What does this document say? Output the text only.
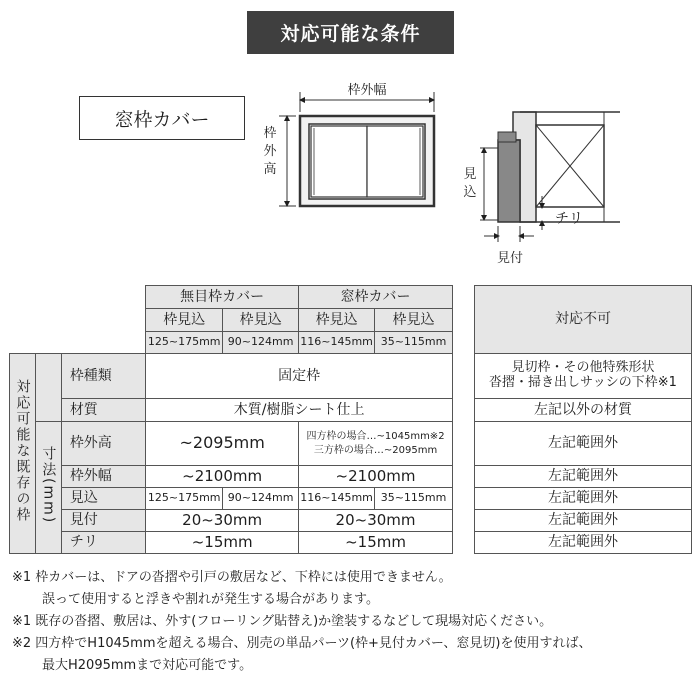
対応可能な条件
窓枠カバー
枠外幅
枠
外
高	見
込
チリ
見付
			無目枠カバー		窓枠カバー	
			枠見込	枠見込	枠見込	枠見込
			125~175mm	90~124mm	116~145mm	35~115mm
対応可能な既存の枠		枠種類	固定枠			
		材質	木質/樹脂シート仕上			
	寸法(mm)	枠外高	~2095mm		四方枠の場合…~1045mm※2
三方枠の場合…~2095mm	

		枠外幅	~2100mm		~2100mm	
		見込	125~175mm	90~124mm	116~145mm	35~115mm
		見付	20~30mm		20~30mm	
		チリ	~15mm		~15mm	
対応不可

見切枠・その他特殊形状
沓摺・掃き出しサッシの下枠※1

左記以外の材質
左記範囲外
左記範囲外
左記範囲外
左記範囲外
左記範囲外
※1 枠カバーは、ドアの沓摺や引戸の敷居など、下枠には使用できません。
誤って使用すると浮きや割れが発生する場合があります。
※1 既存の沓摺、敷居は、外す(フローリング貼替え)か塗装するなどして現場対応ください。
※2 四方枠でH1045mmを超える場合、別売の単品パーツ(枠+見付カバー、窓見切)を使用すれば、
最大H2095mmまで対応可能です。
